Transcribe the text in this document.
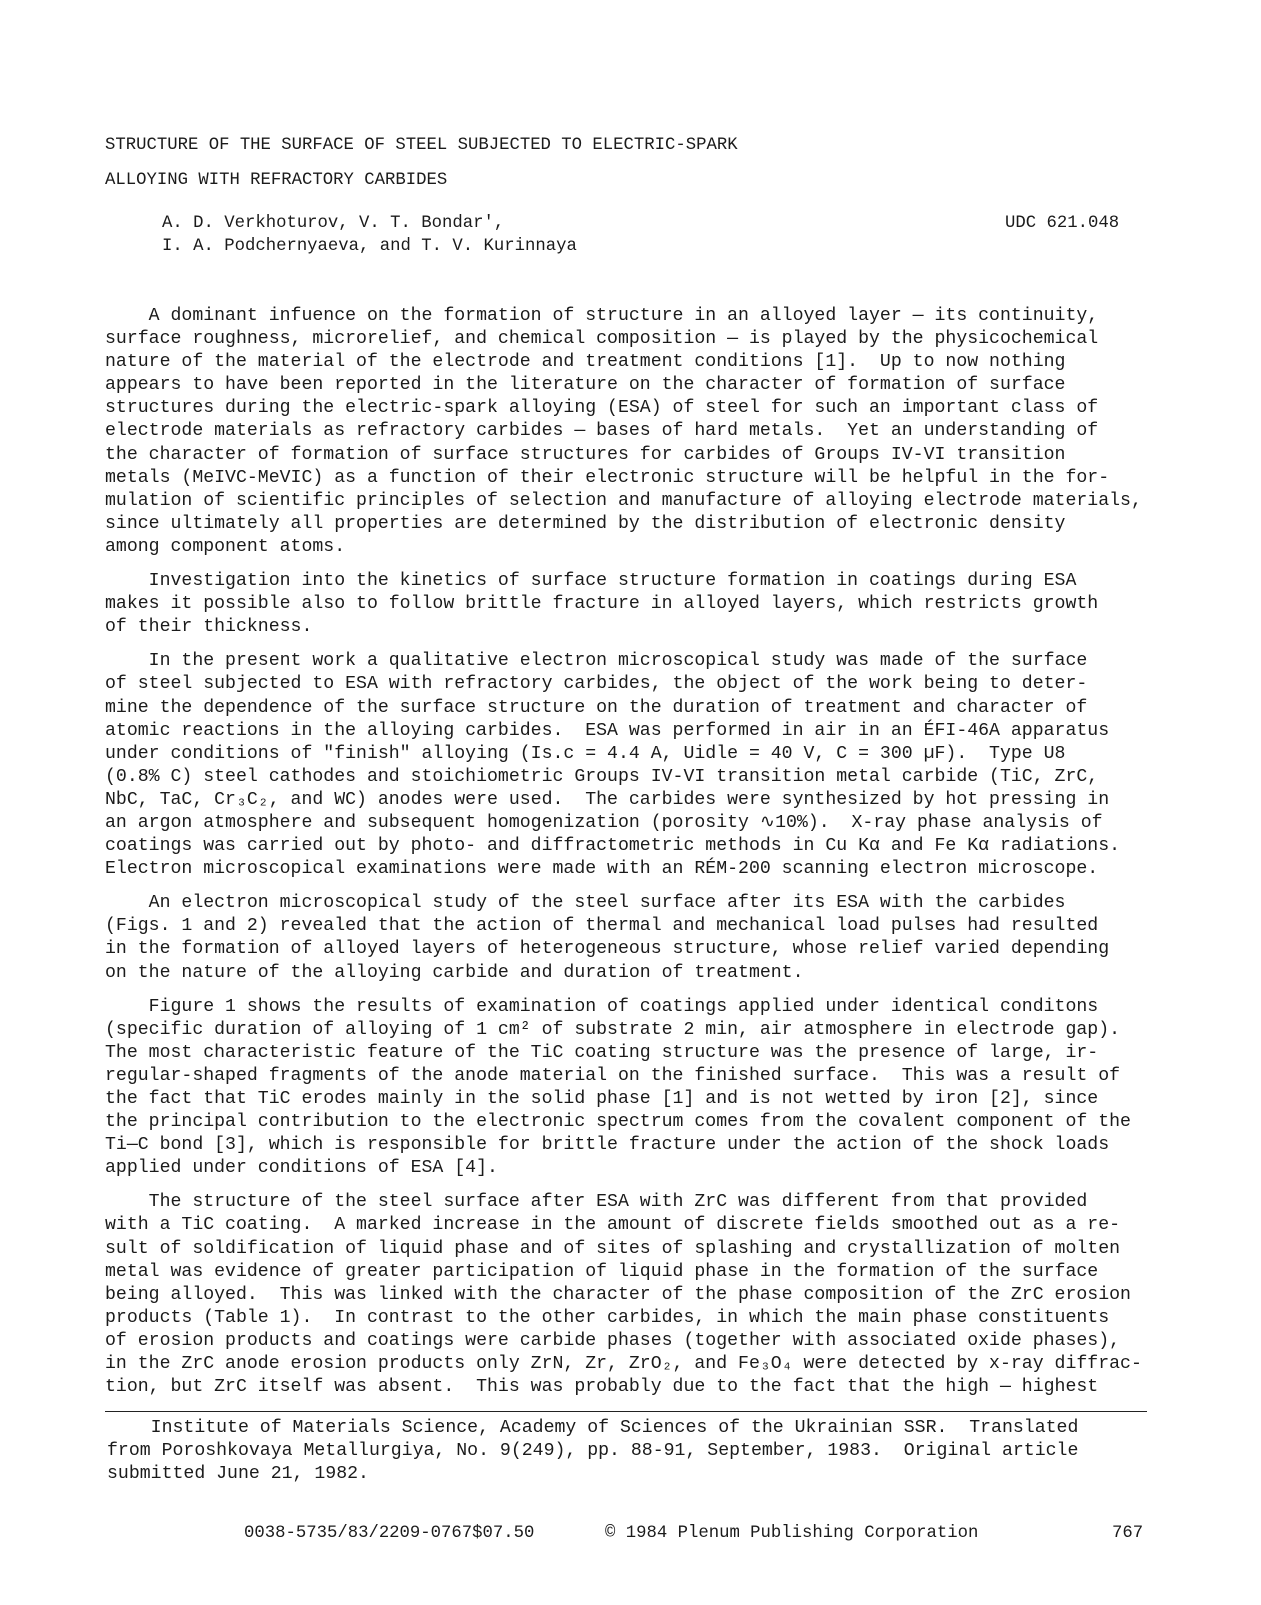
STRUCTURE OF THE SURFACE OF STEEL SUBJECTED TO ELECTRIC-SPARK
ALLOYING WITH REFRACTORY CARBIDES
A. D. Verkhoturov, V. T. Bondar',
I. A. Podchernyaeva, and T. V. Kurinnaya
UDC 621.048

A dominant infuence on the formation of structure in an alloyed layer — its continuity,
surface roughness, microrelief, and chemical composition — is played by the physicochemical
nature of the material of the electrode and treatment conditions [1].  Up to now nothing
appears to have been reported in the literature on the character of formation of surface
structures during the electric-spark alloying (ESA) of steel for such an important class of
electrode materials as refractory carbides — bases of hard metals.  Yet an understanding of
the character of formation of surface structures for carbides of Groups IV-VI transition
metals (MeIVC-MeVIC) as a function of their electronic structure will be helpful in the for-
mulation of scientific principles of selection and manufacture of alloying electrode materials,
since ultimately all properties are determined by the distribution of electronic density
among component atoms.

Investigation into the kinetics of surface structure formation in coatings during ESA
makes it possible also to follow brittle fracture in alloyed layers, which restricts growth
of their thickness.

In the present work a qualitative electron microscopical study was made of the surface
of steel subjected to ESA with refractory carbides, the object of the work being to deter-
mine the dependence of the surface structure on the duration of treatment and character of
atomic reactions in the alloying carbides.  ESA was performed in air in an ÉFI-46A apparatus
under conditions of "finish" alloying (Is.c = 4.4 A, Uidle = 40 V, C = 300 µF).  Type U8
(0.8% C) steel cathodes and stoichiometric Groups IV-VI transition metal carbide (TiC, ZrC,
NbC, TaC, Cr₃C₂, and WC) anodes were used.  The carbides were synthesized by hot pressing in
an argon atmosphere and subsequent homogenization (porosity ∿10%).  X-ray phase analysis of
coatings was carried out by photo- and diffractometric methods in Cu Kα and Fe Kα radiations.
Electron microscopical examinations were made with an RÉM-200 scanning electron microscope.

An electron microscopical study of the steel surface after its ESA with the carbides
(Figs. 1 and 2) revealed that the action of thermal and mechanical load pulses had resulted
in the formation of alloyed layers of heterogeneous structure, whose relief varied depending
on the nature of the alloying carbide and duration of treatment.

Figure 1 shows the results of examination of coatings applied under identical conditons
(specific duration of alloying of 1 cm² of substrate 2 min, air atmosphere in electrode gap).
The most characteristic feature of the TiC coating structure was the presence of large, ir-
regular-shaped fragments of the anode material on the finished surface.  This was a result of
the fact that TiC erodes mainly in the solid phase [1] and is not wetted by iron [2], since
the principal contribution to the electronic spectrum comes from the covalent component of the
Ti—C bond [3], which is responsible for brittle fracture under the action of the shock loads
applied under conditions of ESA [4].

The structure of the steel surface after ESA with ZrC was different from that provided
with a TiC coating.  A marked increase in the amount of discrete fields smoothed out as a re-
sult of soldification of liquid phase and of sites of splashing and crystallization of molten
metal was evidence of greater participation of liquid phase in the formation of the surface
being alloyed.  This was linked with the character of the phase composition of the ZrC erosion
products (Table 1).  In contrast to the other carbides, in which the main phase constituents
of erosion products and coatings were carbide phases (together with associated oxide phases),
in the ZrC anode erosion products only ZrN, Zr, ZrO₂, and Fe₃O₄ were detected by x-ray diffrac-
tion, but ZrC itself was absent.  This was probably due to the fact that the high — highest

Institute of Materials Science, Academy of Sciences of the Ukrainian SSR.  Translated
from Poroshkovaya Metallurgiya, No. 9(249), pp. 88-91, September, 1983.  Original article
submitted June 21, 1982.
0038-5735/83/2209-0767$07.50	© 1984 Plenum Publishing Corporation	767
